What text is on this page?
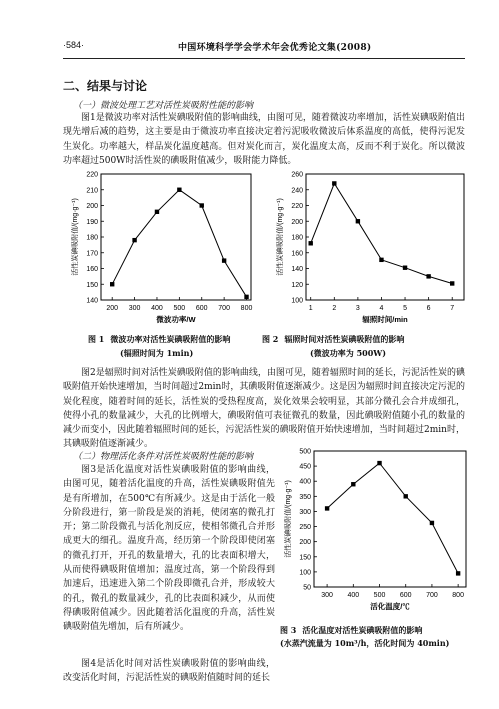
·584·	中国环境科学学会学术年会优秀论文集(2008)
二、结果与讨论
（一）微波处理工艺对活性炭吸附性能的影响
图1是微波功率对活性炭碘吸附值的影响曲线，由图可见，随着微波功率增加，活性炭碘吸附值出现先增后减的趋势，这主要是由于微波功率直接决定着污泥吸收微波后体系温度的高低，使得污泥发生炭化。功率越大，样品炭化温度越高。但对炭化而言，炭化温度太高，反而不利于炭化。所以微波功率超过500W时活性炭的碘吸附值减少，吸附能力降低。
140
150
160
170
180
190
200
210
220
200 300 400 500 600 700 800
微波功率/W
活性炭碘吸附值/(mg·g⁻¹)
100
120
140
160
180
200
220
240
260
1	2	3	4	5	6	7
辐照时间/min
活性炭碘吸附值/(mg·g⁻¹)
图 1 微波功率对活性炭碘吸附值的影响
(辐照时间为 1min)
图 2 辐照时间对活性炭碘吸附值的影响
(微波功率为 500W)
图2是辐照时间对活性炭碘吸附值的影响曲线，由图可见，随着辐照时间的延长，污泥活性炭的碘吸附值开始快速增加，当时间超过2min时，其碘吸附值逐渐减少。这是因为辐照时间直接决定污泥的炭化程度，随着时间的延长，活性炭的受热程度高，炭化效果会较明显，其部分微孔会合并成细孔，使得小孔的数量减少，大孔的比例增大，碘吸附值可表征微孔的数量，因此碘吸附值随小孔的数量的减少而变小，因此随着辐照时间的延长，污泥活性炭的碘吸附值开始快速增加，当时间超过2min时，其碘吸附值逐渐减少。
（二）物理活化条件对活性炭吸附性能的影响
图3是活化温度对活性炭碘吸附值的影响曲线，由图可见，随着活化温度的升高，活性炭碘吸附值先是有所增加，在500℃有所减少。这是由于活化一般分阶段进行，第一阶段是炭的消耗，使闭塞的微孔打开；第二阶段微孔与活化剂反应，使相邻微孔合并形成更大的细孔。温度升高，经历第一个阶段即使闭塞的微孔打开，开孔的数量增大，孔的比表面积增大，从而使得碘吸附值增加；温度过高，第一个阶段得到加速后，迅速进入第二个阶段即微孔合并，形成较大的孔，微孔的数量减少，孔的比表面积减少，从而使得碘吸附值减少。因此随着活化温度的升高，活性炭碘吸附值先增加，后有所减少。
50
100
150
200
250
300
350
400
450
500
300 400 500 600 700 800
活化温度/℃
活性炭碘吸附值/(mg·g⁻¹)
图 3 活化温度对活性炭碘吸附值的影响
(水蒸汽流量为 10m³/h，活化时间为 40min)
图4是活化时间对活性炭碘吸附值的影响曲线，改变活化时间，污泥活性炭的碘吸附值随时间的延长
